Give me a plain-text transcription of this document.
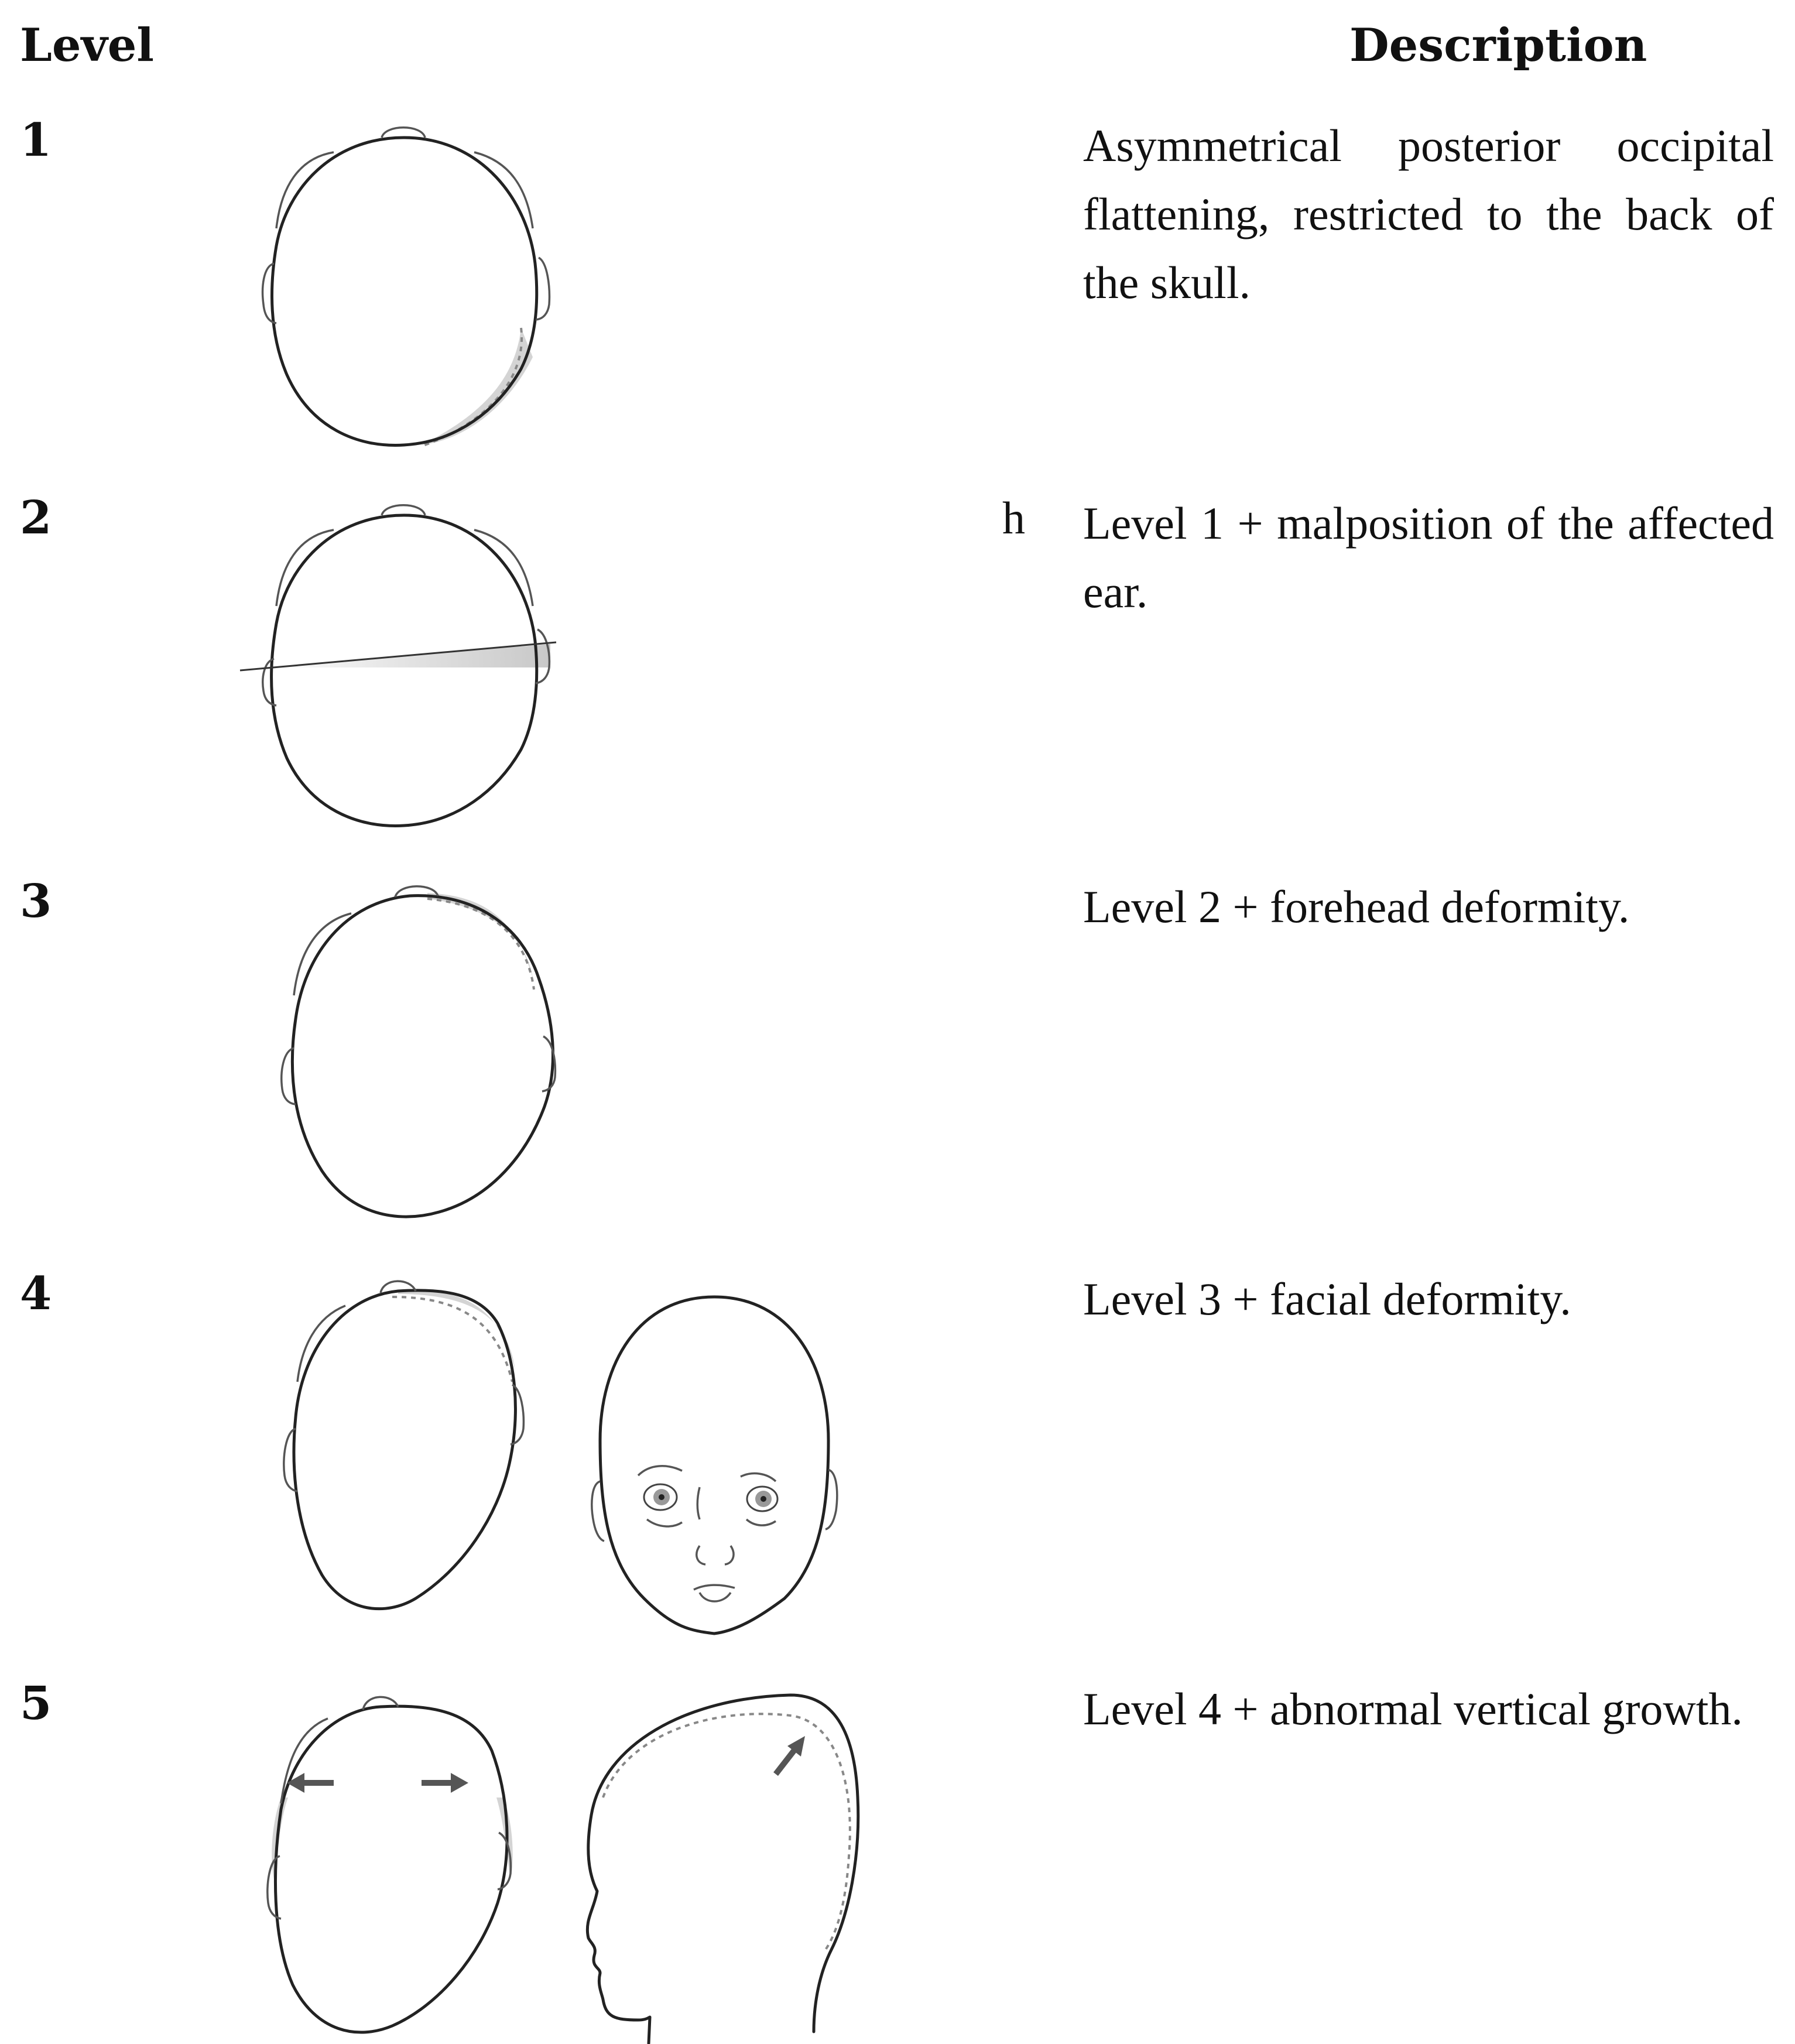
Level	Description
1	Asymmetrical posterior occipital flattening, restricted to the back of the skull.
2	h Level 1 + malposition of the affected ear.
3	Level 2 + forehead deformity.
4	Level 3 + facial deformity.
5	Level 4 + abnormal vertical growth.
